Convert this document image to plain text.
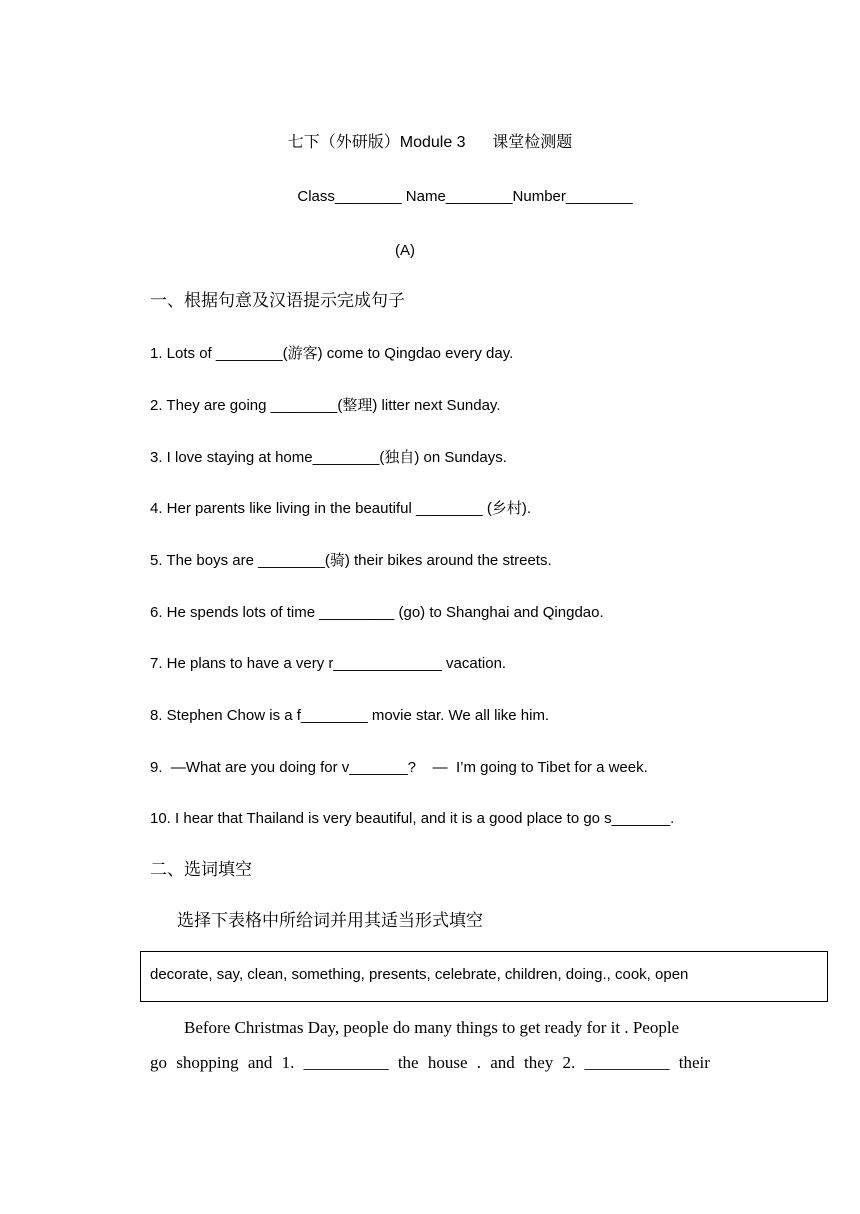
七下（外研版）Module 3      课堂检测题
Class________ Name________Number________
(A)
一、根据句意及汉语提示完成句子
1. Lots of ________(游客) come to Qingdao every day.
2. They are going ________(整理) litter next Sunday.
3. I love staying at home________(独自) on Sundays.
4. Her parents like living in the beautiful ________ (乡村).
5. The boys are ________(骑) their bikes around the streets.
6. He spends lots of time _________ (go) to Shanghai and Qingdao.
7. He plans to have a very r_____________ vacation.
8. Stephen Chow is a f________ movie star. We all like him.
9.  —What are you doing for v_______?    —  I’m going to Tibet for a week.
10. I hear that Thailand is very beautiful, and it is a good place to go s_______.
二、选词填空
选择下表格中所给词并用其适当形式填空
decorate, say, clean, something, presents, celebrate, children, doing., cook, open
Before Christmas Day, people do many things to get ready for it . People
go shopping and 1. __________ the house . and they 2. __________ their
